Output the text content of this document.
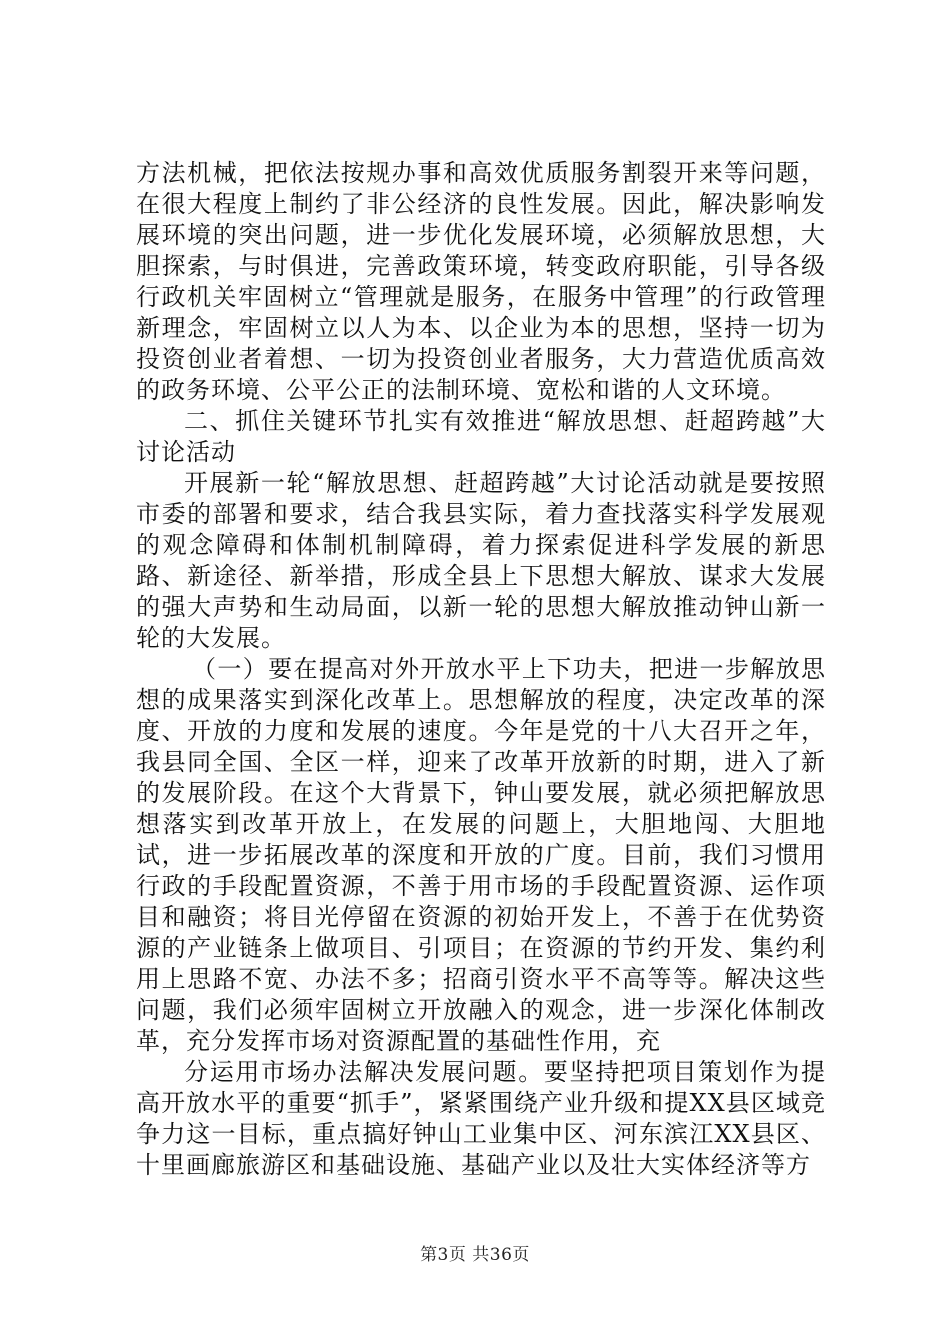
方法机械，把依法按规办事和高效优质服务割裂开来等问题，在很大程度上制约了非公经济的良性发展。因此，解决影响发展环境的突出问题，进一步优化发展环境，必须解放思想，大胆探索，与时俱进，完善政策环境，转变政府职能，引导各级行政机关牢固树立“管理就是服务，在服务中管理”的行政管理新理念，牢固树立以人为本、以企业为本的思想，坚持一切为投资创业者着想、一切为投资创业者服务，大力营造优质高效的政务环境、公平公正的法制环境、宽松和谐的人文环境。

二、抓住关键环节扎实有效推进“解放思想、赶超跨越”大讨论活动

开展新一轮“解放思想、赶超跨越”大讨论活动就是要按照市委的部署和要求，结合我县实际，着力查找落实科学发展观的观念障碍和体制机制障碍，着力探索促进科学发展的新思路、新途径、新举措，形成全县上下思想大解放、谋求大发展的强大声势和生动局面，以新一轮的思想大解放推动钟山新一轮的大发展。

（一）要在提高对外开放水平上下功夫，把进一步解放思想的成果落实到深化改革上。思想解放的程度，决定改革的深度、开放的力度和发展的速度。今年是党的十八大召开之年，我县同全国、全区一样，迎来了改革开放新的时期，进入了新的发展阶段。在这个大背景下，钟山要发展，就必须把解放思想落实到改革开放上，在发展的问题上，大胆地闯、大胆地试，进一步拓展改革的深度和开放的广度。目前，我们习惯用行政的手段配置资源，不善于用市场的手段配置资源、运作项目和融资；将目光停留在资源的初始开发上，不善于在优势资源的产业链条上做项目、引项目；在资源的节约开发、集约利用上思路不宽、办法不多；招商引资水平不高等等。解决这些问题，我们必须牢固树立开放融入的观念，进一步深化体制改革，充分发挥市场对资源配置的基础性作用，充

分运用市场办法解决发展问题。要坚持把项目策划作为提高开放水平的重要“抓手”，紧紧围绕产业升级和提XX县区域竞争力这一目标，重点搞好钟山工业集中区、河东滨江XX县区、十里画廊旅游区和基础设施、基础产业以及壮大实体经济等方

第3页 共36页
